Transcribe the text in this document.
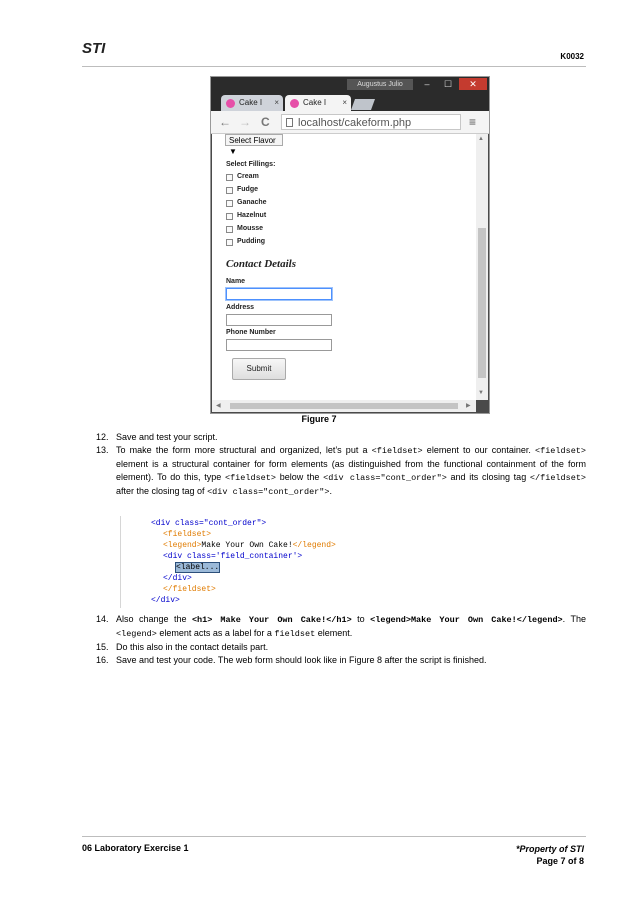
STI	K0032
Augustus Julio	–	☐	✕
Cake I ×	Cake I ×
← → C	localhost/cakeform.php	≡
Select Flavor ▼
Select Fillings:
Cream
Fudge
Ganache
Hazelnut
Mousse
Pudding
Contact Details
Name
Address
Phone Number
Submit
▲
▼
◀	▶
Figure 7
12. Save and test your script.
13. To make the form more structural and organized, let’s put a <fieldset> element to our container. <fieldset> element is a structural container for form elements (as distinguished from the functional containment of the form element). To do this, type <fieldset> below the <div class="cont_order"> and its closing tag </fieldset> after the closing tag of <div class="cont_order">.
<div class="cont_order">
<fieldset>
<legend>Make Your Own Cake!</legend>
<div class='field_container'>
<label...
</div>
</fieldset>
</div>
14. Also change the <h1> Make Your Own Cake!</h1> to <legend>Make Your Own Cake!</legend>. The <legend> element acts as a label for a fieldset element.
15. Do this also in the contact details part.
16. Save and test your code. The web form should look like in Figure 8 after the script is finished.
06 Laboratory Exercise 1	*Property of STI
Page 7 of 8
